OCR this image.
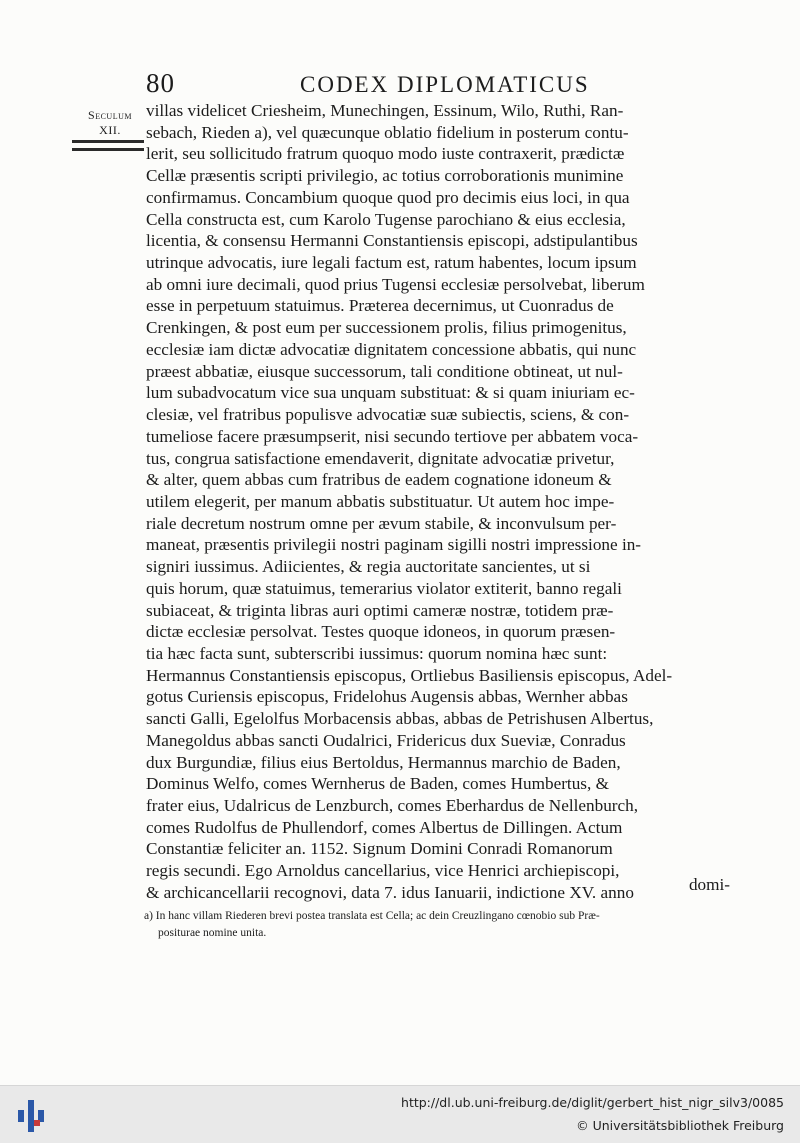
80	CODEX DIPLOMATICUS
Seculum
XII.
villas videlicet Criesheim, Munechingen, Essinum, Wilo, Ruthi, Ran-
sebach, Rieden a), vel quæcunque oblatio fidelium in posterum contu-
lerit, seu sollicitudo fratrum quoquo modo iuste contraxerit, prædictæ
Cellæ præsentis scripti privilegio, ac totius corroborationis munimine
confirmamus. Concambium quoque quod pro decimis eius loci, in qua
Cella constructa est, cum Karolo Tugense parochiano & eius ecclesia,
licentia, & consensu Hermanni Constantiensis episcopi, adstipulantibus
utrinque advocatis, iure legali factum est, ratum habentes, locum ipsum
ab omni iure decimali, quod prius Tugensi ecclesiæ persolvebat, liberum
esse in perpetuum statuimus. Præterea decernimus, ut Cuonradus de
Crenkingen, & post eum per successionem prolis, filius primogenitus,
ecclesiæ iam dictæ advocatiæ dignitatem concessione abbatis, qui nunc
præest abbatiæ, eiusque successorum, tali conditione obtineat, ut nul-
lum subadvocatum vice sua unquam substituat: & si quam iniuriam ec-
clesiæ, vel fratribus populisve advocatiæ suæ subiectis, sciens, & con-
tumeliose facere præsumpserit, nisi secundo tertiove per abbatem voca-
tus, congrua satisfactione emendaverit, dignitate advocatiæ privetur,
& alter, quem abbas cum fratribus de eadem cognatione idoneum &
utilem elegerit, per manum abbatis substituatur. Ut autem hoc impe-
riale decretum nostrum omne per ævum stabile, & inconvulsum per-
maneat, præsentis privilegii nostri paginam sigilli nostri impressione in-
signiri iussimus. Adiicientes, & regia auctoritate sancientes, ut si
quis horum, quæ statuimus, temerarius violator extiterit, banno regali
subiaceat, & triginta libras auri optimi cameræ nostræ, totidem præ-
dictæ ecclesiæ persolvat. Testes quoque idoneos, in quorum præsen-
tia hæc facta sunt, subterscribi iussimus: quorum nomina hæc sunt:
Hermannus Constantiensis episcopus, Ortliebus Basiliensis episcopus, Adel-
gotus Curiensis episcopus, Fridelohus Augensis abbas, Wernher abbas
sancti Galli, Egelolfus Morbacensis abbas, abbas de Petrishusen Albertus,
Manegoldus abbas sancti Oudalrici, Fridericus dux Sueviæ, Conradus
dux Burgundiæ, filius eius Bertoldus, Hermannus marchio de Baden,
Dominus Welfo, comes Wernherus de Baden, comes Humbertus, &
frater eius, Udalricus de Lenzburch, comes Eberhardus de Nellenburch,
comes Rudolfus de Phullendorf, comes Albertus de Dillingen. Actum
Constantiæ feliciter an. 1152. Signum Domini Conradi Romanorum
regis secundi. Ego Arnoldus cancellarius, vice Henrici archiepiscopi,
& archicancellarii recognovi, data 7. idus Ianuarii, indictione XV. anno	domi-
a) In hanc villam Riederen brevi postea translata est Cella; ac dein Creuzlingano cœnobio sub Præ-
positurae nomine unita.
http://dl.ub.uni-freiburg.de/diglit/gerbert_hist_nigr_silv3/0085
© Universitätsbibliothek Freiburg
